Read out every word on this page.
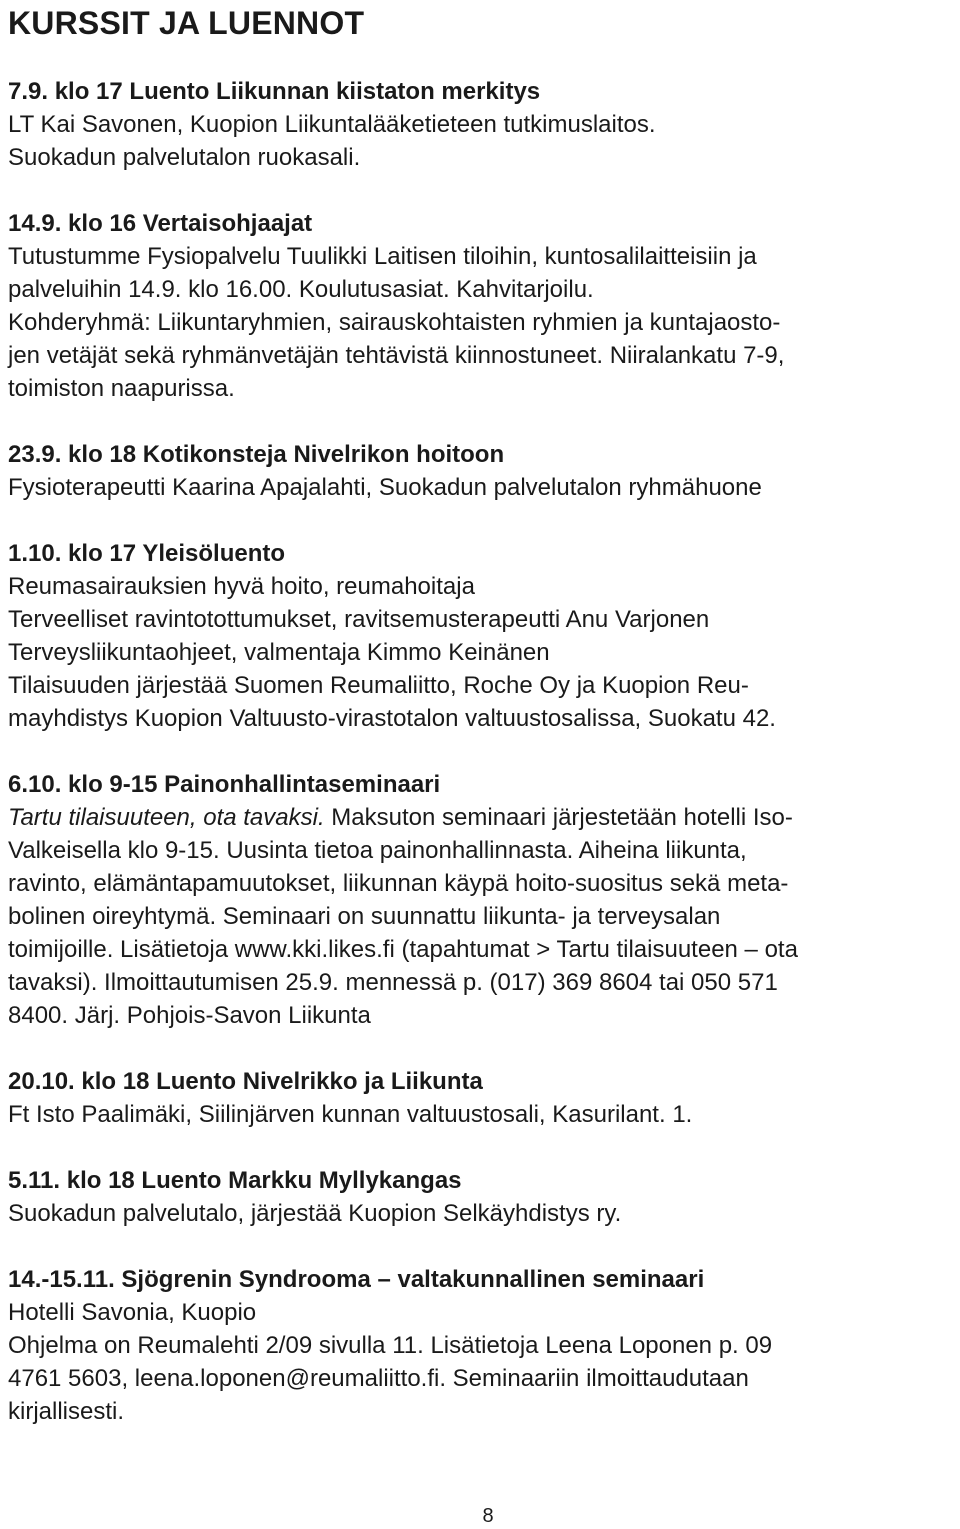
KURSSIT JA LUENNOT

7.9. klo 17 Luento Liikunnan kiistaton merkitys

LT Kai Savonen, Kuopion Liikuntalääketieteen tutkimuslaitos.

Suokadun palvelutalon ruokasali.

14.9. klo 16 Vertaisohjaajat

Tutustumme Fysiopalvelu Tuulikki Laitisen tiloihin, kuntosalilaitteisiin ja

palveluihin 14.9. klo 16.00. Koulutusasiat. Kahvitarjoilu.

Kohderyhmä: Liikuntaryhmien, sairauskohtaisten ryhmien ja kuntajaosto-

jen vetäjät sekä ryhmänvetäjän tehtävistä kiinnostuneet. Niiralankatu 7-9,

toimiston naapurissa.

23.9. klo 18 Kotikonsteja Nivelrikon hoitoon

Fysioterapeutti Kaarina Apajalahti, Suokadun palvelutalon ryhmähuone

1.10. klo 17 Yleisöluento

Reumasairauksien hyvä hoito, reumahoitaja

Terveelliset ravintotottumukset, ravitsemusterapeutti Anu Varjonen

Terveysliikuntaohjeet, valmentaja Kimmo Keinänen

Tilaisuuden järjestää Suomen Reumaliitto, Roche Oy ja Kuopion Reu-

mayhdistys Kuopion Valtuusto-virastotalon valtuustosalissa, Suokatu 42.

6.10. klo 9-15 Painonhallintaseminaari

Tartu tilaisuuteen, ota tavaksi. Maksuton seminaari järjestetään hotelli Iso-

Valkeisella klo 9-15. Uusinta tietoa painonhallinnasta. Aiheina liikunta,

ravinto, elämäntapamuutokset, liikunnan käypä hoito-suositus sekä meta-

bolinen oireyhtymä. Seminaari on suunnattu liikunta- ja terveysalan

toimijoille. Lisätietoja www.kki.likes.fi (tapahtumat > Tartu tilaisuuteen – ota

tavaksi). Ilmoittautumisen 25.9. mennessä p. (017) 369 8604 tai 050 571

8400. Järj. Pohjois-Savon Liikunta

20.10. klo 18 Luento Nivelrikko ja Liikunta

Ft Isto Paalimäki, Siilinjärven kunnan valtuustosali, Kasurilant. 1.

5.11. klo 18 Luento Markku Myllykangas

Suokadun palvelutalo, järjestää Kuopion Selkäyhdistys ry.

14.-15.11. Sjögrenin Syndrooma – valtakunnallinen seminaari

Hotelli Savonia, Kuopio

Ohjelma on Reumalehti 2/09 sivulla 11. Lisätietoja Leena Loponen p. 09

4761 5603, leena.loponen@reumaliitto.fi. Seminaariin ilmoittaudutaan

kirjallisesti.

8
